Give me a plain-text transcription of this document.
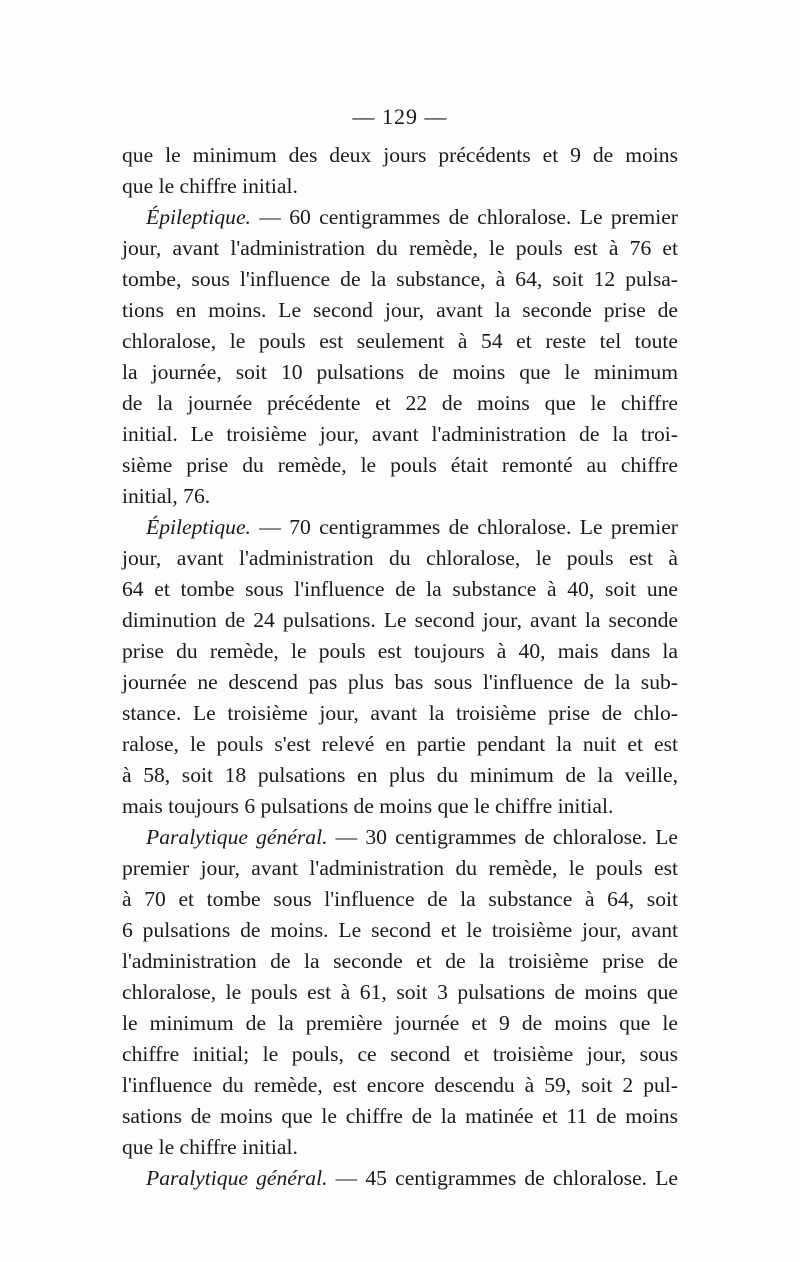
— 129 —
que le minimum des deux jours précédents et 9 de moins
que le chiffre initial.
Épileptique. — 60 centigrammes de chloralose. Le premier
jour, avant l'administration du remède, le pouls est à 76 et
tombe, sous l'influence de la substance, à 64, soit 12 pulsa-
tions en moins. Le second jour, avant la seconde prise de
chloralose, le pouls est seulement à 54 et reste tel toute
la journée, soit 10 pulsations de moins que le minimum
de la journée précédente et 22 de moins que le chiffre
initial. Le troisième jour, avant l'administration de la troi-
sième prise du remède, le pouls était remonté au chiffre
initial, 76.
Épileptique. — 70 centigrammes de chloralose. Le premier
jour, avant l'administration du chloralose, le pouls est à
64 et tombe sous l'influence de la substance à 40, soit une
diminution de 24 pulsations. Le second jour, avant la seconde
prise du remède, le pouls est toujours à 40, mais dans la
journée ne descend pas plus bas sous l'influence de la sub-
stance. Le troisième jour, avant la troisième prise de chlo-
ralose, le pouls s'est relevé en partie pendant la nuit et est
à 58, soit 18 pulsations en plus du minimum de la veille,
mais toujours 6 pulsations de moins que le chiffre initial.
Paralytique général. — 30 centigrammes de chloralose. Le
premier jour, avant l'administration du remède, le pouls est
à 70 et tombe sous l'influence de la substance à 64, soit
6 pulsations de moins. Le second et le troisième jour, avant
l'administration de la seconde et de la troisième prise de
chloralose, le pouls est à 61, soit 3 pulsations de moins que
le minimum de la première journée et 9 de moins que le
chiffre initial; le pouls, ce second et troisième jour, sous
l'influence du remède, est encore descendu à 59, soit 2 pul-
sations de moins que le chiffre de la matinée et 11 de moins
que le chiffre initial.
Paralytique général. — 45 centigrammes de chloralose. Le
